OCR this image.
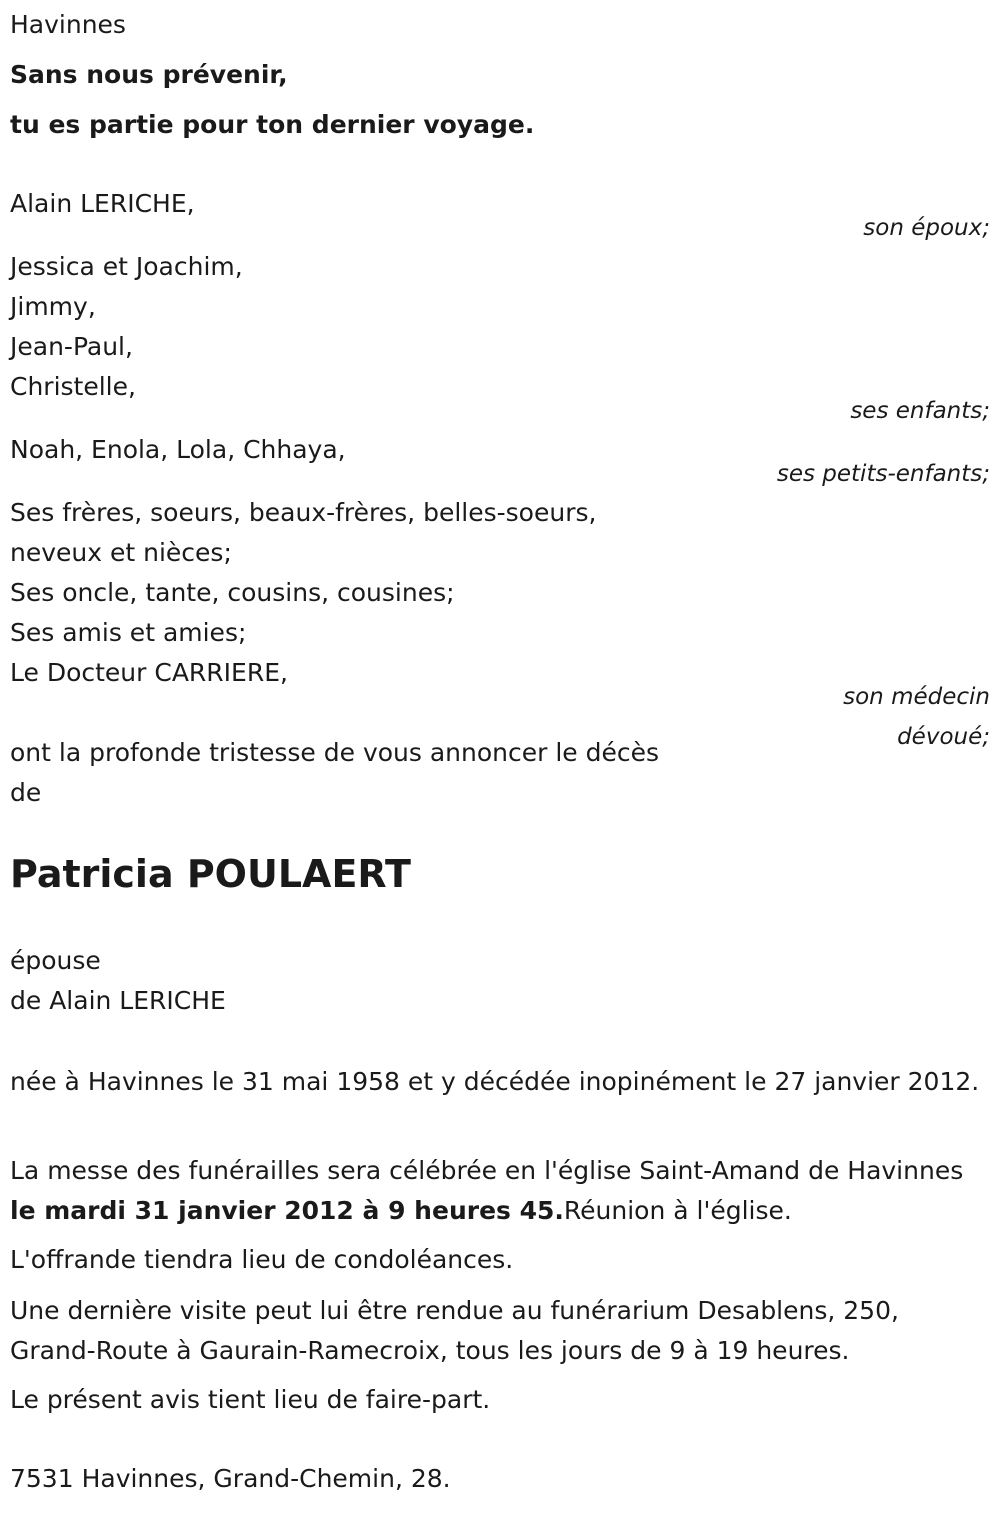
Havinnes
Sans nous prévenir,
tu es partie pour ton dernier voyage.
Alain LERICHE,
son époux;
Jessica et Joachim,
Jimmy,
Jean-Paul,
Christelle,
ses enfants;
Noah, Enola, Lola, Chhaya,
ses petits-enfants;
Ses frères, soeurs, beaux-frères, belles-soeurs,
neveux et nièces;
Ses oncle, tante, cousins, cousines;
Ses amis et amies;
Le Docteur CARRIERE,
son médecin
dévoué;
ont la profonde tristesse de vous annoncer le décès
de
Patricia POULAERT
épouse
de Alain LERICHE
née à Havinnes le 31 mai 1958 et y décédée inopinément le 27 janvier 2012.
La messe des funérailles sera célébrée en l'église Saint-Amand de Havinnes le mardi 31 janvier 2012 à 9 heures 45.Réunion à l'église.
L'offrande tiendra lieu de condoléances.
Une dernière visite peut lui être rendue au funérarium Desablens, 250, Grand-Route à Gaurain-Ramecroix, tous les jours de 9 à 19 heures.
Le présent avis tient lieu de faire-part.
7531 Havinnes, Grand-Chemin, 28.
